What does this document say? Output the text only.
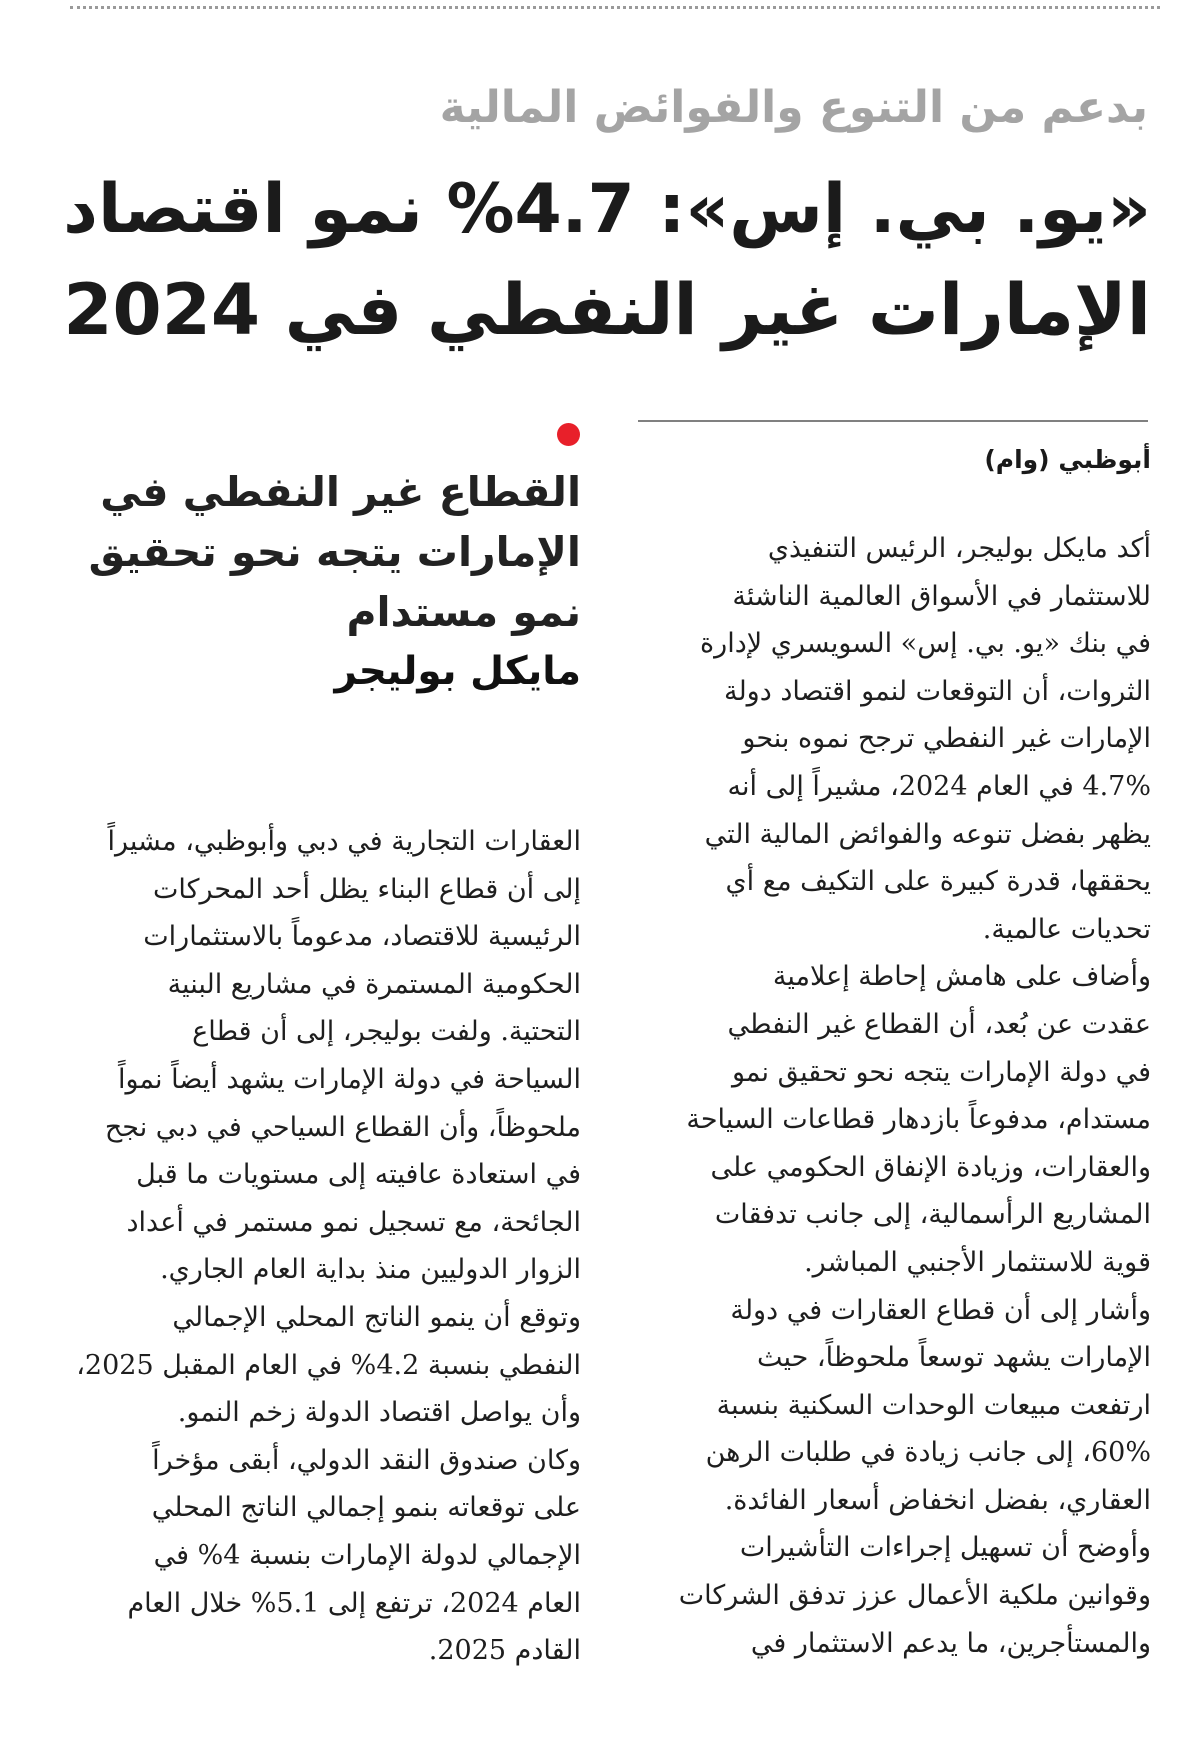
بدعم من التنوع والفوائض المالية
«يو. بي. إس»: 4.7% نمو اقتصاد
الإمارات غير النفطي في 2024
أبوظبي (وام)
القطاع غير النفطي في
الإمارات يتجه نحو تحقيق
نمو مستدام
مايكل بوليجر
أكد مايكل بوليجر، الرئيس التنفيذي
للاستثمار في الأسواق العالمية الناشئة
في بنك «يو. بي. إس» السويسري لإدارة
الثروات، أن التوقعات لنمو اقتصاد دولة
الإمارات غير النفطي ترجح نموه بنحو
4.7% في العام 2024، مشيراً إلى أنه
يظهر بفضل تنوعه والفوائض المالية التي
يحققها، قدرة كبيرة على التكيف مع أي
تحديات عالمية.
وأضاف على هامش إحاطة إعلامية
عقدت عن بُعد، أن القطاع غير النفطي
في دولة الإمارات يتجه نحو تحقيق نمو
مستدام، مدفوعاً بازدهار قطاعات السياحة
والعقارات، وزيادة الإنفاق الحكومي على
المشاريع الرأسمالية، إلى جانب تدفقات
قوية للاستثمار الأجنبي المباشر.
وأشار إلى أن قطاع العقارات في دولة
الإمارات يشهد توسعاً ملحوظاً، حيث
ارتفعت مبيعات الوحدات السكنية بنسبة
60%، إلى جانب زيادة في طلبات الرهن
العقاري، بفضل انخفاض أسعار الفائدة.
وأوضح أن تسهيل إجراءات التأشيرات
وقوانين ملكية الأعمال عزز تدفق الشركات
والمستأجرين، ما يدعم الاستثمار في
العقارات التجارية في دبي وأبوظبي، مشيراً
إلى أن قطاع البناء يظل أحد المحركات
الرئيسية للاقتصاد، مدعوماً بالاستثمارات
الحكومية المستمرة في مشاريع البنية
التحتية. ولفت بوليجر، إلى أن قطاع
السياحة في دولة الإمارات يشهد أيضاً نمواً
ملحوظاً، وأن القطاع السياحي في دبي نجح
في استعادة عافيته إلى مستويات ما قبل
الجائحة، مع تسجيل نمو مستمر في أعداد
الزوار الدوليين منذ بداية العام الجاري.
وتوقع أن ينمو الناتج المحلي الإجمالي
النفطي بنسبة 4.2% في العام المقبل 2025،
وأن يواصل اقتصاد الدولة زخم النمو.
وكان صندوق النقد الدولي، أبقى مؤخراً
على توقعاته بنمو إجمالي الناتج المحلي
الإجمالي لدولة الإمارات بنسبة 4% في
العام 2024، ترتفع إلى 5.1% خلال العام
القادم 2025.
